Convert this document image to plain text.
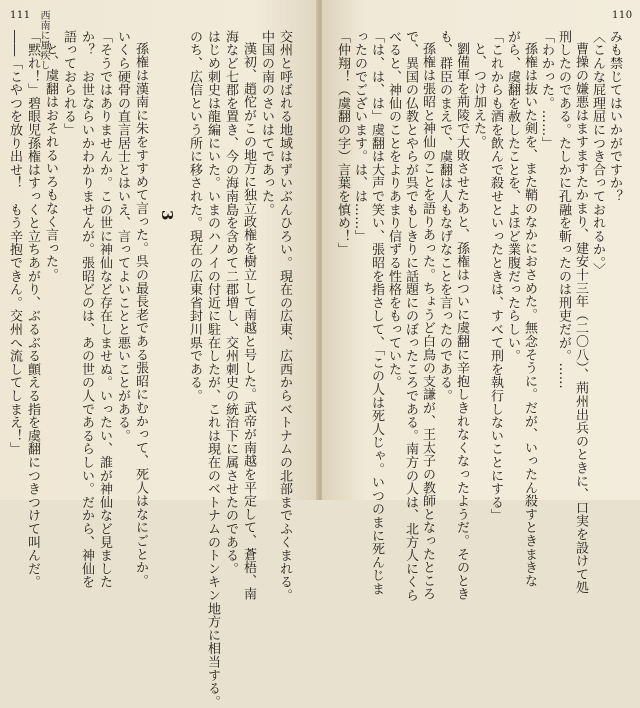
111 西南に風疾し	交州と呼ばれる地域はずいぶんひろい。現在の広東、広西からベトナムの北部までふくまれる。
中国の南のさいはてであった。
漢初、趙佗がこの地方に独立政権を樹立して南越と号した。武帝が南越を平定して、蒼梧、南
海など七郡を置き、今の海南島を含めて二郡増し、交州刺史の統治下に属させたのである。
はじめ刺史は龍編にいた。いまのハノイの付近に駐在したが、これは現在のベトナムのトンキン地方に相当する。
のち、広信という所に移された。現在の広東省封川県である。
3
孫権は漢南に朱をすすめて言った。呉の最長老である張昭にむかって、死人はなにごとか。
いくら硬骨の直言居士とはいえ、言ってよいことと悪いことがある。
「そうではありませんか。この世に神仙など存在しませぬ。いったい、誰が神仙など見ました
か？　お世ならいかわかりませんが。張昭どのは、あの世の人であるらしい。だから、神仙を
語っておられる」
と、虞翻はおそれるいろもなく言った。
「黙れ！」碧眼児孫権はすっくと立ちあがり、ぶるぶる顫える指を虞翻につきつけて叫んだ。
――「こやつを放り出せ！　もう辛抱できん。交州へ流してしまえ！」
110
みも禁じてはいかがですか？
〈こんな屁理屈につき合っておれるか。〉
曹操の嫌悪はますますたかまり、建安十三年（二〇八）、荊州出兵のときに、口実を設けて処
刑したのである。たしかに孔融を斬ったのは刑吏だが。……
「わかった。……」
孫権は抜いた剣を、また鞘のなかにおさめた。無念そうに。だが、いったん殺すときまきな
がら、虞翻を赦したことを、よほど業腹だったらしい。
「これからも酒を飲んで殺せといったときは、すべて刑を執行しないことにする」
と、つけ加えた。
劉備軍を荊陵で大敗させたあと、孫権はついに虞翻に辛抱しきれなくなったようだ。そのとき
も、群臣のまえで、虞翻は人もなげなことを言ったのである。
孫権は張昭と神仙のことを語りあった。ちょうど白鳥の支謙が、王太子の教師となったところ
で、異国の仏教とやらが呉でもしきりに話題にのぼったころである。南方の人は、北方人にくら
べると、神仙のことをよりあまり信ずる性格をもっていた。
「は、は、は」虞翻は大声で笑い、張昭を指さして、「この人は死人じゃ。いつのまに死んじま
ったのでございます。は、は……」
「仲翔！（虞翻の字）言葉を慎め！」
